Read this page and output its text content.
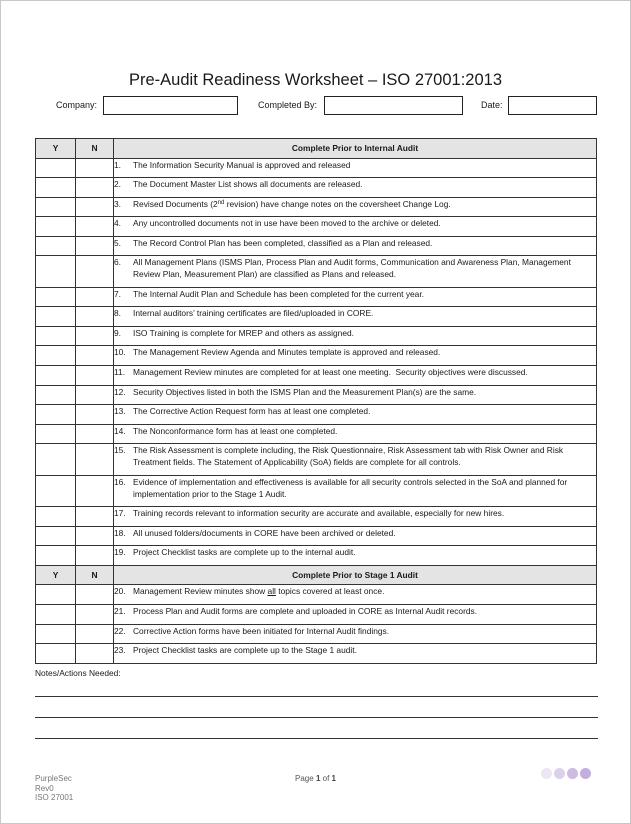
Pre-Audit Readiness Worksheet – ISO 27001:2013
Company:	Completed By:	Date:
Y	N	Complete Prior to Internal Audit

		1. The Information Security Manual is approved and released

		2. The Document Master List shows all documents are released.

		3. Revised Documents (2nd revision) have change notes on the coversheet Change Log.

		4. Any uncontrolled documents not in use have been moved to the archive or deleted.

		5. The Record Control Plan has been completed, classified as a Plan and released.

		6. All Management Plans (ISMS Plan, Process Plan and Audit forms, Communication and Awareness Plan, Management Review Plan, Measurement Plan) are classified as Plans and released.

		7. The Internal Audit Plan and Schedule has been completed for the current year.

		8. Internal auditors’ training certificates are filed/uploaded in CORE.

		9. ISO Training is complete for MREP and others as assigned.

		10. The Management Review Agenda and Minutes template is approved and released.

		11. Management Review minutes are completed for at least one meeting.  Security objectives were discussed.

		12. Security Objectives listed in both the ISMS Plan and the Measurement Plan(s) are the same.

		13. The Corrective Action Request form has at least one completed.

		14. The Nonconformance form has at least one completed.

		15. The Risk Assessment is complete including, the Risk Questionnaire, Risk Assessment tab with Risk Owner and Risk Treatment fields. The Statement of Applicability (SoA) fields are complete for all controls.

		16. Evidence of implementation and effectiveness is available for all security controls selected in the SoA and planned for implementation prior to the Stage 1 Audit.

		17. Training records relevant to information security are accurate and available, especially for new hires.

		18. All unused folders/documents in CORE have been archived or deleted.

		19. Project Checklist tasks are complete up to the internal audit.

Y	N	Complete Prior to Stage 1 Audit

		20. Management Review minutes show all topics covered at least once.

		21. Process Plan and Audit forms are complete and uploaded in CORE as Internal Audit records.

		22. Corrective Action forms have been initiated for Internal Audit findings.

		23. Project Checklist tasks are complete up to the Stage 1 audit.
Notes/Actions Needed:
PurpleSec
Rev0
ISO 27001
Page 1 of 1
